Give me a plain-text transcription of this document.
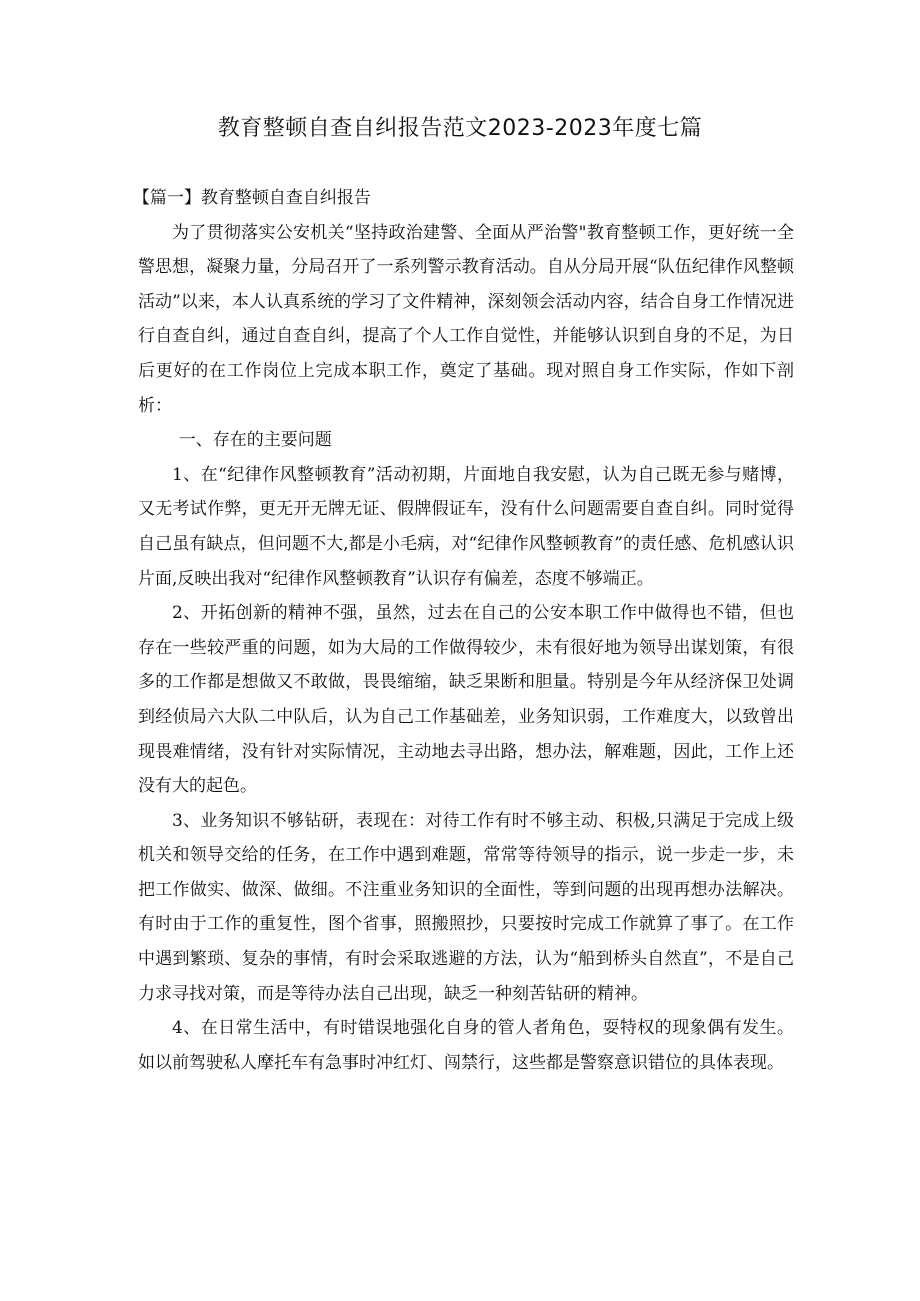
教育整顿自查自纠报告范文2023-2023年度七篇

【篇一】教育整顿自查自纠报告

为了贯彻落实公安机关“坚持政治建警、全面从严治警"教育整顿工作，更好统一全警思想，凝聚力量，分局召开了一系列警示教育活动。自从分局开展“队伍纪律作风整顿活动”以来，本人认真系统的学习了文件精神，深刻领会活动内容，结合自身工作情况进行自查自纠，通过自查自纠，提高了个人工作自觉性，并能够认识到自身的不足，为日后更好的在工作岗位上完成本职工作，奠定了基础。现对照自身工作实际，作如下剖析：

一、存在的主要问题

1、在“纪律作风整顿教育”活动初期，片面地自我安慰，认为自己既无参与赌博，又无考试作弊，更无开无牌无证、假牌假证车，没有什么问题需要自查自纠。同时觉得自己虽有缺点，但问题不大,都是小毛病，对“纪律作风整顿教育”的责任感、危机感认识片面,反映出我对“纪律作风整顿教育”认识存有偏差，态度不够端正。

2、开拓创新的精神不强，虽然，过去在自己的公安本职工作中做得也不错，但也存在一些较严重的问题，如为大局的工作做得较少，未有很好地为领导出谋划策，有很多的工作都是想做又不敢做，畏畏缩缩，缺乏果断和胆量。特别是今年从经济保卫处调到经侦局六大队二中队后，认为自己工作基础差，业务知识弱，工作难度大，以致曾出现畏难情绪，没有针对实际情况，主动地去寻出路，想办法，解难题，因此，工作上还没有大的起色。

3、业务知识不够钻研，表现在：对待工作有时不够主动、积极,只满足于完成上级机关和领导交给的任务，在工作中遇到难题，常常等待领导的指示，说一步走一步，未把工作做实、做深、做细。不注重业务知识的全面性，等到问题的出现再想办法解决。有时由于工作的重复性，图个省事，照搬照抄，只要按时完成工作就算了事了。在工作中遇到繁琐、复杂的事情，有时会采取逃避的方法，认为“船到桥头自然直”，不是自己力求寻找对策，而是等待办法自己出现，缺乏一种刻苦钻研的精神。

4、在日常生活中，有时错误地强化自身的管人者角色，耍特权的现象偶有发生。如以前驾驶私人摩托车有急事时冲红灯、闯禁行，这些都是警察意识错位的具体表现。
